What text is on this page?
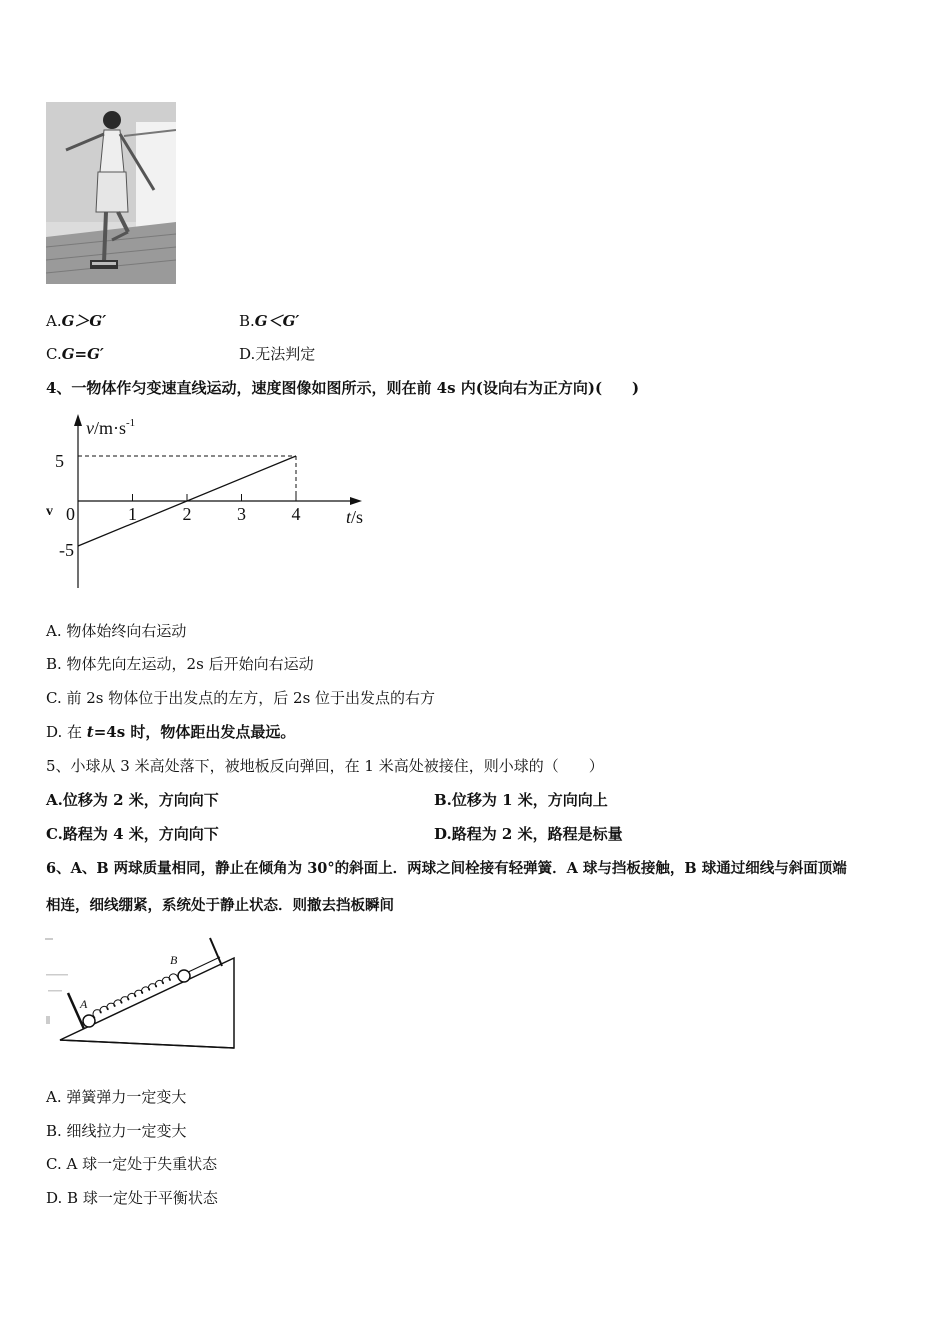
A.G＞G′	B.G＜G′
C.G=G′	D.无法判定
4、一物体作匀变速直线运动，速度图像如图所示，则在前 4s 内(设向右为正方向)(　　)
$v/m\cdot s^{-1}$
t/s
v
5
-5
0	1	2	3	4
A. 物体始终向右运动
B. 物体先向左运动，2s 后开始向右运动
C. 前 2s 物体位于出发点的左方，后 2s 位于出发点的右方
D. 在 t=4s 时，物体距出发点最远。
5、小球从 3 米高处落下，被地板反向弹回，在 1 米高处被接住，则小球的（　　）
A.位移为 2 米，方向向下	B.位移为 1 米，方向向上
C.路程为 4 米，方向向下	D.路程为 2 米，路程是标量
6、A、B 两球质量相同，静止在倾角为 30°的斜面上．两球之间栓接有轻弹簧．A 球与挡板接触，B 球通过细线与斜面顶端
相连，细线绷紧，系统处于静止状态．则撤去挡板瞬间
A
B
A. 弹簧弹力一定变大
B. 细线拉力一定变大
C. A 球一定处于失重状态
D. B 球一定处于平衡状态
